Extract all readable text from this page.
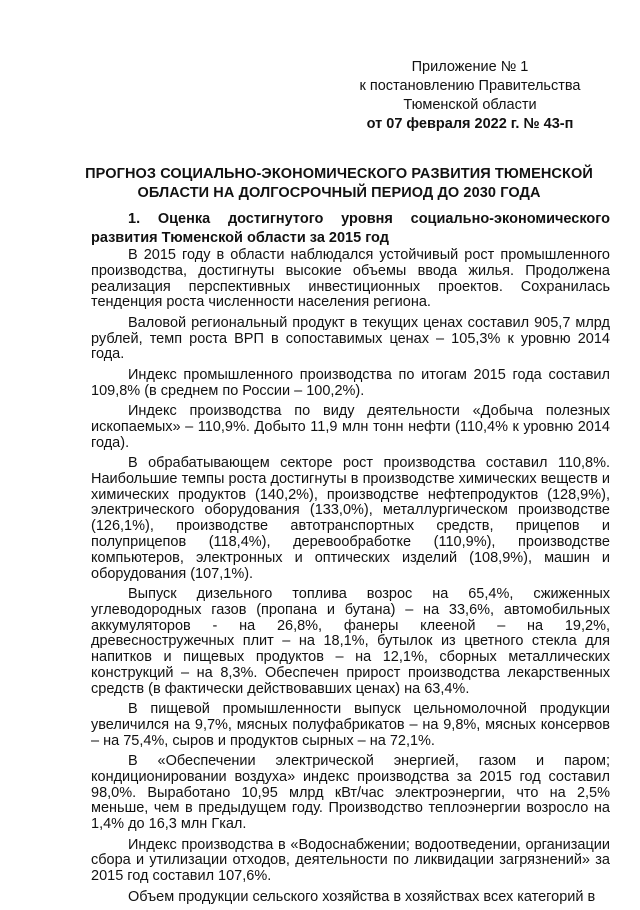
Приложение № 1
к постановлению Правительства
Тюменской области
от 07 февраля 2022 г. № 43-п
ПРОГНОЗ СОЦИАЛЬНО-ЭКОНОМИЧЕСКОГО РАЗВИТИЯ ТЮМЕНСКОЙ ОБЛАСТИ НА ДОЛГОСРОЧНЫЙ ПЕРИОД ДО 2030 ГОДА
1. Оценка достигнутого уровня социально-экономического развития Тюменской области за 2015 год

В 2015 году в области наблюдался устойчивый рост промышленного производства, достигнуты высокие объемы ввода жилья. Продолжена реализация перспективных инвестиционных проектов. Сохранилась тенденция роста численности населения региона.

Валовой региональный продукт в текущих ценах составил 905,7 млрд рублей, темп роста ВРП в сопоставимых ценах – 105,3% к уровню 2014 года.

Индекс промышленного производства по итогам 2015 года составил 109,8% (в среднем по России – 100,2%).

Индекс производства по виду деятельности «Добыча полезных ископаемых» – 110,9%. Добыто 11,9 млн тонн нефти (110,4% к уровню 2014 года).

В обрабатывающем секторе рост производства составил 110,8%. Наибольшие темпы роста достигнуты в производстве химических веществ и химических продуктов (140,2%), производстве нефтепродуктов (128,9%), электрического оборудования (133,0%), металлургическом производстве (126,1%), производстве автотранспортных средств, прицепов и полуприцепов (118,4%), деревообработке (110,9%), производстве компьютеров, электронных и оптических изделий (108,9%), машин и оборудования (107,1%).

Выпуск дизельного топлива возрос на 65,4%, сжиженных углеводородных газов (пропана и бутана) – на 33,6%, автомобильных аккумуляторов - на 26,8%, фанеры клееной – на 19,2%, древесностружечных плит – на 18,1%, бутылок из цветного стекла для напитков и пищевых продуктов – на 12,1%, сборных металлических конструкций – на 8,3%. Обеспечен прирост производства лекарственных средств (в фактически действовавших ценах) на 63,4%.

В пищевой промышленности выпуск цельномолочной продукции увеличился на 9,7%, мясных полуфабрикатов – на 9,8%, мясных консервов – на 75,4%, сыров и продуктов сырных – на 72,1%.

В «Обеспечении электрической энергией, газом и паром; кондиционировании воздуха» индекс производства за 2015 год составил 98,0%. Выработано 10,95 млрд кВт/час электроэнергии, что на 2,5% меньше, чем в предыдущем году. Производство теплоэнергии возросло на 1,4% до 16,3 млн Гкал.

Индекс производства в «Водоснабжении; водоотведении, организации сбора и утилизации отходов, деятельности по ликвидации загрязнений» за 2015 год составил 107,6%.

Объем продукции сельского хозяйства в хозяйствах всех категорий в
